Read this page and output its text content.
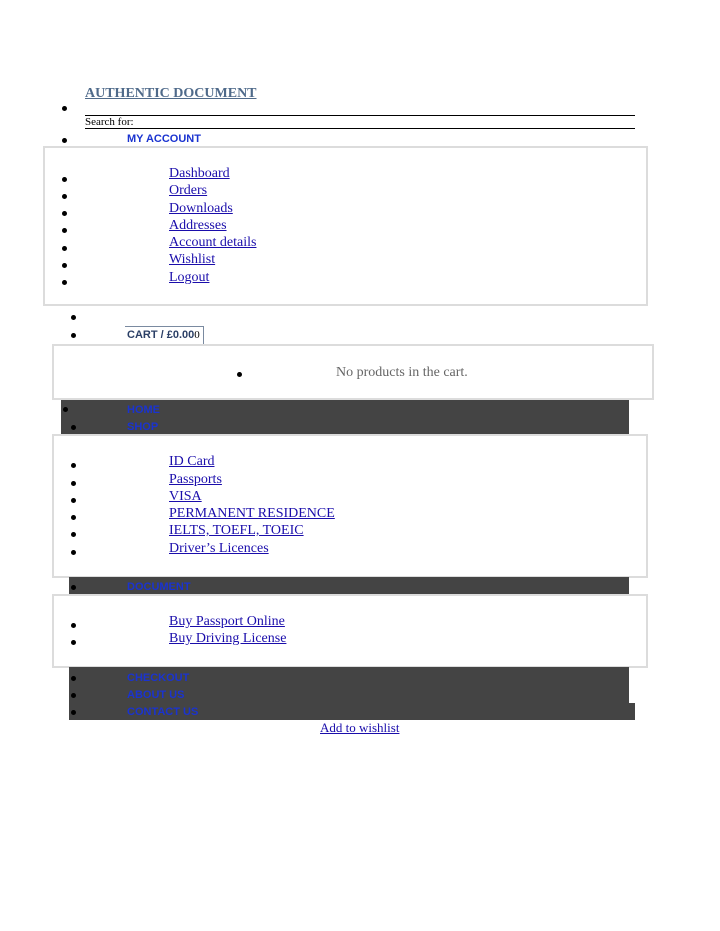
AUTHENTIC DOCUMENT
Search for:
MY ACCOUNT
Dashboard
Orders
Downloads
Addresses
Account details
Wishlist
Logout
CART / £0.000
No products in the cart.
HOME
SHOP
ID Card
Passports
VISA
PERMANENT RESIDENCE
IELTS, TOEFL, TOEIC
Driver’s Licences
DOCUMENT
Buy Passport Online
Buy Driving License
CHECKOUT
ABOUT US
CONTACT US
Add to wishlist
